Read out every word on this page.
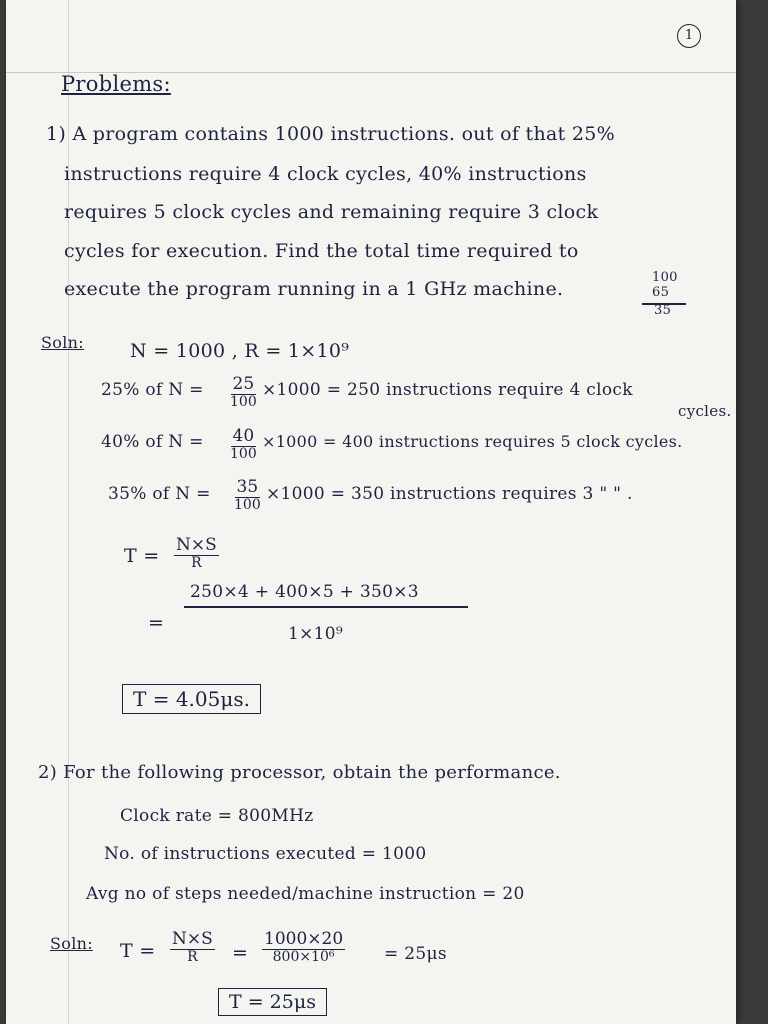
1
Problems:
1) A program contains 1000 instructions. out of that 25%
instructions require 4 clock cycles, 40% instructions
requires 5 clock cycles and remaining require 3 clock
cycles for execution. Find the total time required to
execute the program running in a 1 GHz machine.
100
65
35
Soln: N = 1000 , R = 1×10⁹
25% of N = 25
100
×1000 = 250 instructions require 4 clock
cycles.
40% of N = 40
100
×1000 = 400 instructions requires 5 clock cycles.
35% of N = 35
100
×1000 = 350 instructions requires 3 " " .
T = N×S
R
=
250×4 + 400×5 + 350×3
1×10⁹
T = 4.05μs.
2) For the following processor, obtain the performance.
Clock rate = 800MHz
No. of instructions executed = 1000
Avg no of steps needed/machine instruction = 20
Soln: T =
N×S
R =
1000×20
800×10⁶	= 25μs
T = 25μs
